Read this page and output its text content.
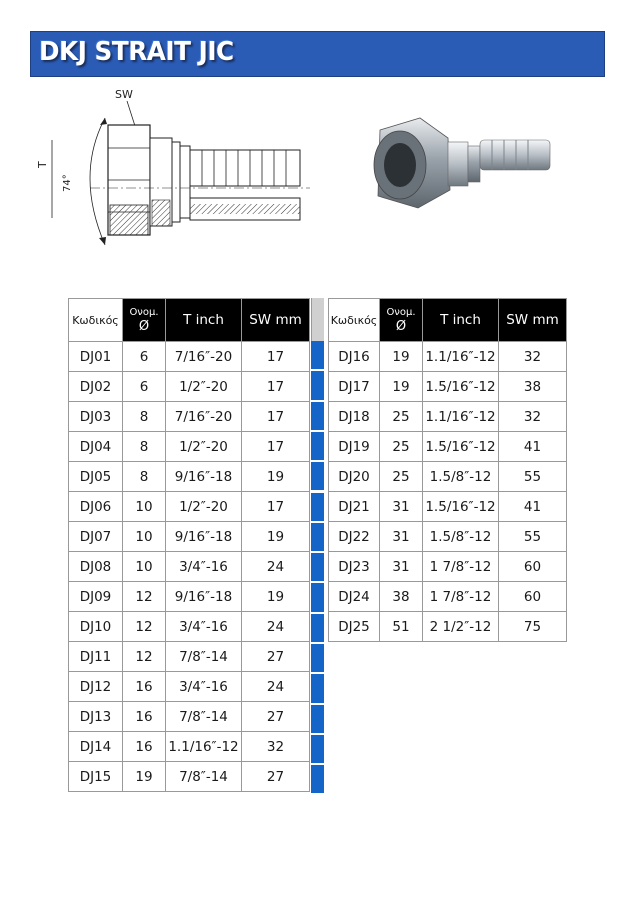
DKJ STRAIT JIC
SW
T
74°
Κωδικός	Ονομ.
Ø	T inch	SW mm
DJ01	6	7/16″-20	17
DJ02	6	1/2″-20	17
DJ03	8	7/16″-20	17
DJ04	8	1/2″-20	17
DJ05	8	9/16″-18	19
DJ06	10	1/2″-20	17
DJ07	10	9/16″-18	19
DJ08	10	3/4″-16	24
DJ09	12	9/16″-18	19
DJ10	12	3/4″-16	24
DJ11	12	7/8″-14	27
DJ12	16	3/4″-16	24
DJ13	16	7/8″-14	27
DJ14	16	1.1/16″-12	32
DJ15	19	7/8″-14	27
Κωδικός	Ονομ.
Ø	T inch	SW mm
DJ16	19	1.1/16″-12	32
DJ17	19	1.5/16″-12	38
DJ18	25	1.1/16″-12	32
DJ19	25	1.5/16″-12	41
DJ20	25	1.5/8″-12	55
DJ21	31	1.5/16″-12	41
DJ22	31	1.5/8″-12	55
DJ23	31	1 7/8″-12	60
DJ24	38	1 7/8″-12	60
DJ25	51	2 1/2″-12	75
